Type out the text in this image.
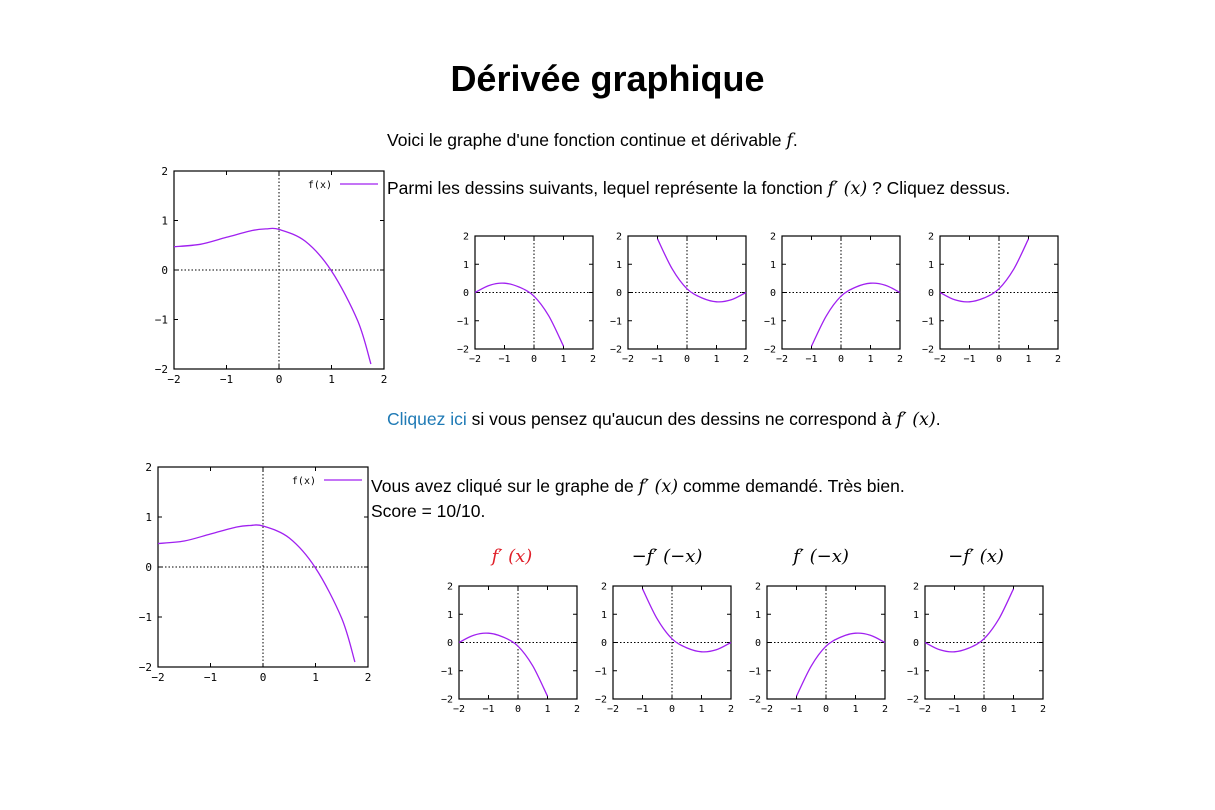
Dérivée graphique
Voici le graphe d'une fonction continue et dérivable f.
Parmi les dessins suivants, lequel représente la fonction f′ (x) ? Cliquez dessus.
Cliquez ici si vous pensez qu'aucun des dessins ne correspond à f′ (x).
Vous avez cliqué sur le graphe de f′ (x) comme demandé. Très bien.
Score = 10/10.
f′ (x)	−f′ (−x)	f′ (−x)	−f′ (x)
−2	−1	0	1	2
−2
−1
0
1
2
f(x)
−2 −1 0 1 2
−2
−1
0
1
2
−2 −1 0 1 2
−2
−1
0
1
2
−2 −1 0 1 2
−2
−1
0
1
2
−2 −1 0 1 2
−2
−1
0
1
2
−2	−1	0	1	2
−2
−1
0
1
2
f(x)
−2 −1 0 1 2
−2
−1
0
1
2
−2 −1 0 1 2
−2
−1
0
1
2
−2 −1 0 1 2
−2
−1
0
1
2
−2 −1 0 1 2
−2
−1
0
1
2
